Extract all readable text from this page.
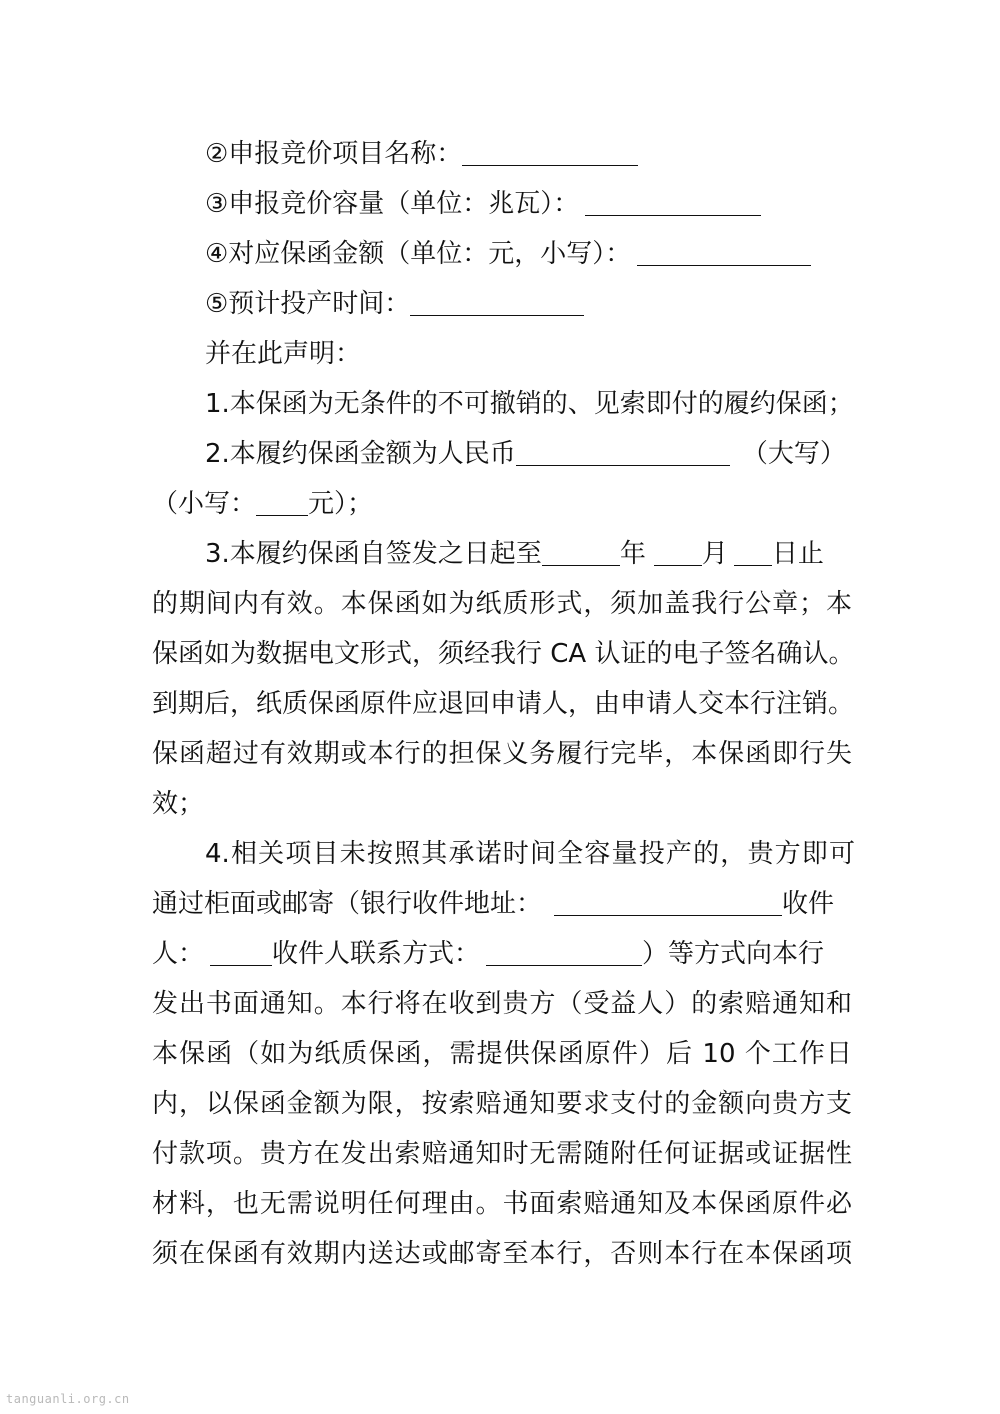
②申报竞价项目名称：
③申报竞价容量（单位：兆瓦）：
④对应保函金额（单位：元，小写）：
⑤预计投产时间：
并在此声明：
1.本保函为无条件的不可撤销的、见索即付的履约保函；
2.本履约保函金额为人民币	（大写）
（小写： 元）；
3.本履约保函自签发之日起至	年 月 日止
的期间内有效。本保函如为纸质形式，须加盖我行公章；本
保函如为数据电文形式，须经我行 CA 认证的电子签名确认。
到期后，纸质保函原件应退回申请人，由申请人交本行注销。
保函超过有效期或本行的担保义务履行完毕，本保函即行失
效；
4.相关项目未按照其承诺时间全容量投产的，贵方即可
通过柜面或邮寄（银行收件地址：	收件
人：	收件人联系方式：	）等方式向本行
发出书面通知。本行将在收到贵方（受益人）的索赔通知和
本保函（如为纸质保函，需提供保函原件）后 10 个工作日
内，以保函金额为限，按索赔通知要求支付的金额向贵方支
付款项。贵方在发出索赔通知时无需随附任何证据或证据性
材料，也无需说明任何理由。书面索赔通知及本保函原件必
须在保函有效期内送达或邮寄至本行，否则本行在本保函项
tanguanli.org.cn
